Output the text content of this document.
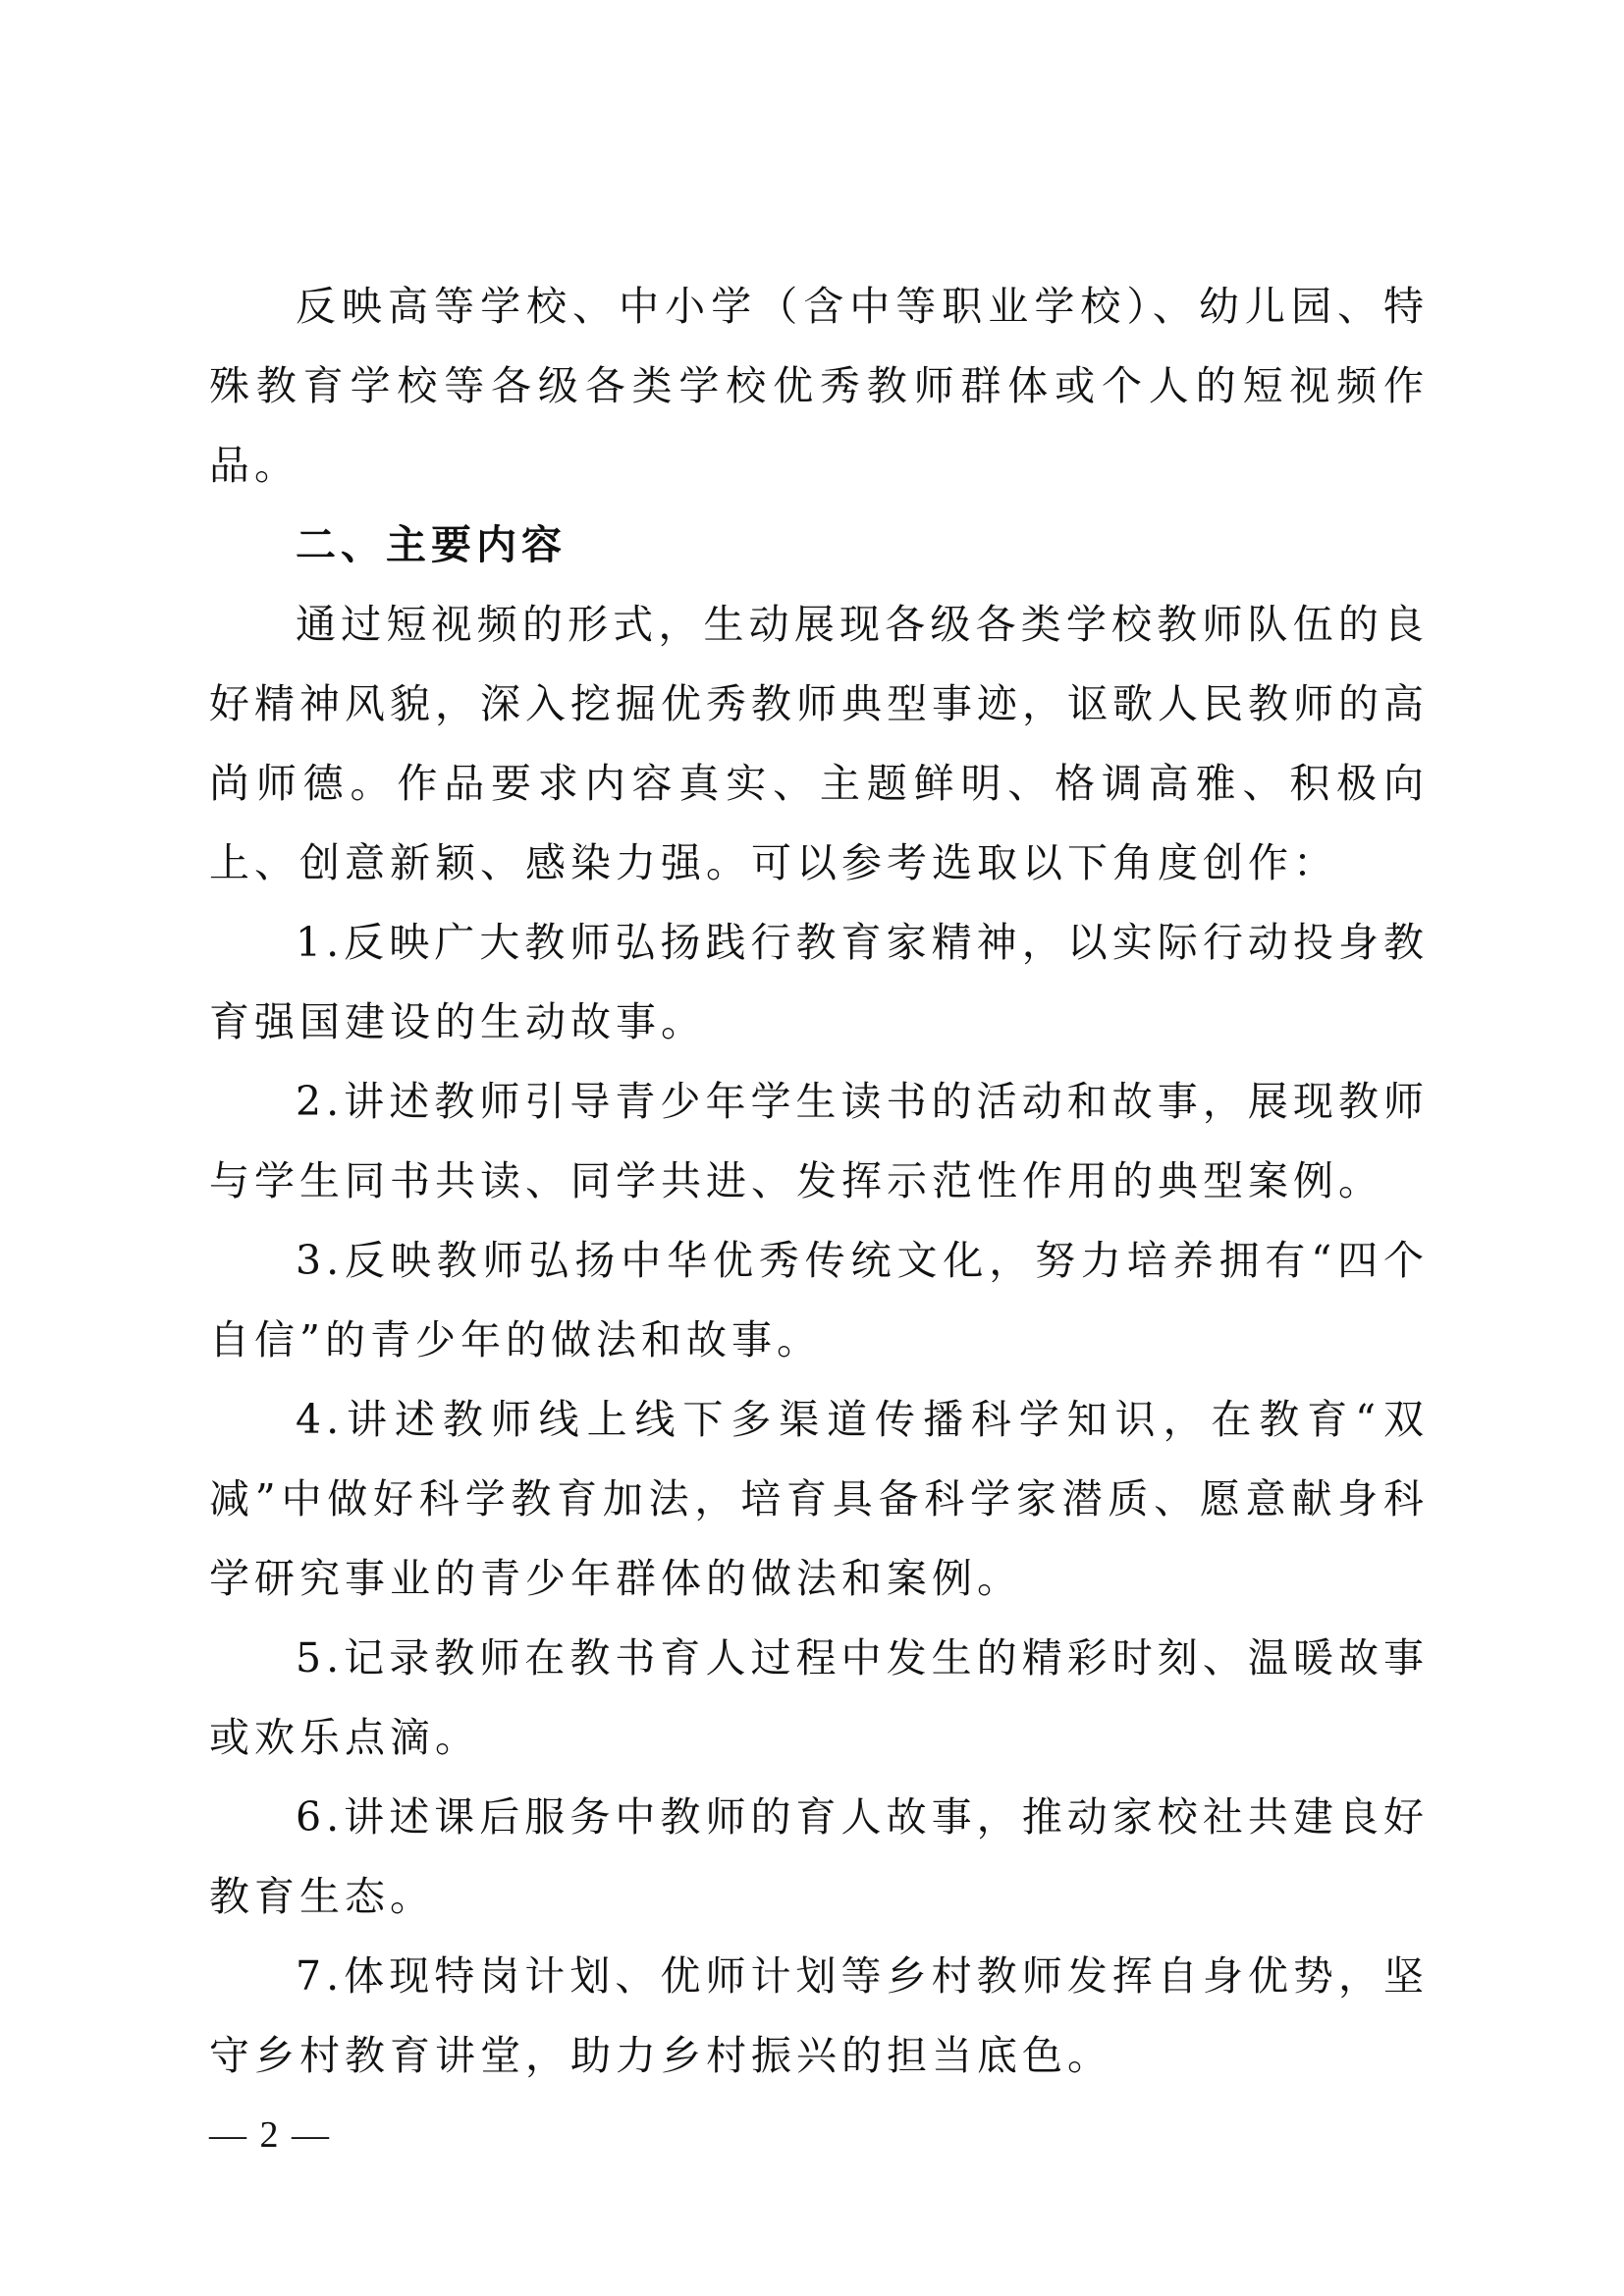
反映高等学校、中小学（含中等职业学校）、幼儿园、特殊教育学校等各级各类学校优秀教师群体或个人的短视频作品。

二、主要内容

通过短视频的形式，生动展现各级各类学校教师队伍的良好精神风貌，深入挖掘优秀教师典型事迹，讴歌人民教师的高尚师德。作品要求内容真实、主题鲜明、格调高雅、积极向上、创意新颖、感染力强。可以参考选取以下角度创作：

1.反映广大教师弘扬践行教育家精神，以实际行动投身教育强国建设的生动故事。

2.讲述教师引导青少年学生读书的活动和故事，展现教师与学生同书共读、同学共进、发挥示范性作用的典型案例。

3.反映教师弘扬中华优秀传统文化，努力培养拥有“四个自信”的青少年的做法和故事。

4.讲述教师线上线下多渠道传播科学知识，在教育“双减”中做好科学教育加法，培育具备科学家潜质、愿意献身科学研究事业的青少年群体的做法和案例。

5.记录教师在教书育人过程中发生的精彩时刻、温暖故事或欢乐点滴。

6.讲述课后服务中教师的育人故事，推动家校社共建良好教育生态。

7.体现特岗计划、优师计划等乡村教师发挥自身优势，坚守乡村教育讲堂，助力乡村振兴的担当底色。

— 2 —
